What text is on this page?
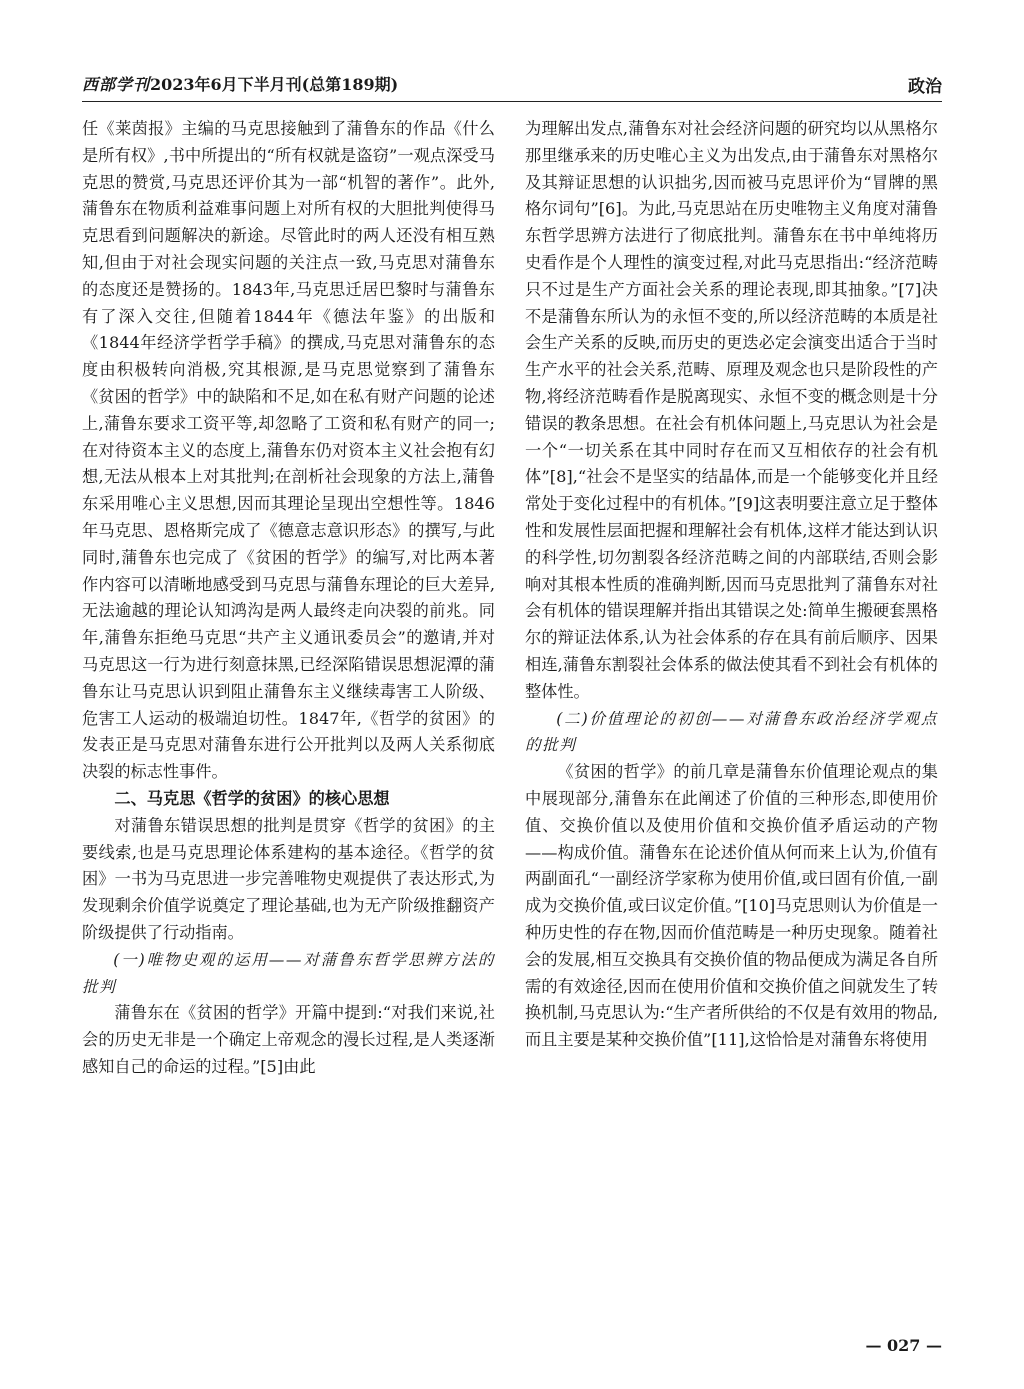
西部学刊2023年6月下半月刊(总第189期)	政治

任《莱茵报》主编的马克思接触到了蒲鲁东的作品《什么是所有权》,书中所提出的“所有权就是盗窃”一观点深受马克思的赞赏,马克思还评价其为一部“机智的著作”。此外,蒲鲁东在物质利益难事问题上对所有权的大胆批判使得马克思看到问题解决的新途。尽管此时的两人还没有相互熟知,但由于对社会现实问题的关注点一致,马克思对蒲鲁东的态度还是赞扬的。1843年,马克思迁居巴黎时与蒲鲁东有了深入交往,但随着1844年《德法年鉴》的出版和《1844年经济学哲学手稿》的撰成,马克思对蒲鲁东的态度由积极转向消极,究其根源,是马克思觉察到了蒲鲁东《贫困的哲学》中的缺陷和不足,如在私有财产问题的论述上,蒲鲁东要求工资平等,却忽略了工资和私有财产的同一;在对待资本主义的态度上,蒲鲁东仍对资本主义社会抱有幻想,无法从根本上对其批判;在剖析社会现象的方法上,蒲鲁东采用唯心主义思想,因而其理论呈现出空想性等。1846年马克思、恩格斯完成了《德意志意识形态》的撰写,与此同时,蒲鲁东也完成了《贫困的哲学》的编写,对比两本著作内容可以清晰地感受到马克思与蒲鲁东理论的巨大差异,无法逾越的理论认知鸿沟是两人最终走向决裂的前兆。同年,蒲鲁东拒绝马克思“共产主义通讯委员会”的邀请,并对马克思这一行为进行刻意抹黑,已经深陷错误思想泥潭的蒲鲁东让马克思认识到阻止蒲鲁东主义继续毒害工人阶级、危害工人运动的极端迫切性。1847年,《哲学的贫困》的发表正是马克思对蒲鲁东进行公开批判以及两人关系彻底决裂的标志性事件。

二、马克思《哲学的贫困》的核心思想

对蒲鲁东错误思想的批判是贯穿《哲学的贫困》的主要线索,也是马克思理论体系建构的基本途径。《哲学的贫困》一书为马克思进一步完善唯物史观提供了表达形式,为发现剩余价值学说奠定了理论基础,也为无产阶级推翻资产阶级提供了行动指南。

(一)唯物史观的运用——对蒲鲁东哲学思辨方法的批判

蒲鲁东在《贫困的哲学》开篇中提到:“对我们来说,社会的历史无非是一个确定上帝观念的漫长过程,是人类逐渐感知自己的命运的过程。”[5]由此

为理解出发点,蒲鲁东对社会经济问题的研究均以从黑格尔那里继承来的历史唯心主义为出发点,由于蒲鲁东对黑格尔及其辩证思想的认识拙劣,因而被马克思评价为“冒牌的黑格尔词句”[6]。为此,马克思站在历史唯物主义角度对蒲鲁东哲学思辨方法进行了彻底批判。蒲鲁东在书中单纯将历史看作是个人理性的演变过程,对此马克思指出:“经济范畴只不过是生产方面社会关系的理论表现,即其抽象。”[7]决不是蒲鲁东所认为的永恒不变的,所以经济范畴的本质是社会生产关系的反映,而历史的更迭必定会演变出适合于当时生产水平的社会关系,范畴、原理及观念也只是阶段性的产物,将经济范畴看作是脱离现实、永恒不变的概念则是十分错误的教条思想。在社会有机体问题上,马克思认为社会是一个“一切关系在其中同时存在而又互相依存的社会有机体”[8],“社会不是坚实的结晶体,而是一个能够变化并且经常处于变化过程中的有机体。”[9]这表明要注意立足于整体性和发展性层面把握和理解社会有机体,这样才能达到认识的科学性,切勿割裂各经济范畴之间的内部联结,否则会影响对其根本性质的准确判断,因而马克思批判了蒲鲁东对社会有机体的错误理解并指出其错误之处:简单生搬硬套黑格尔的辩证法体系,认为社会体系的存在具有前后顺序、因果相连,蒲鲁东割裂社会体系的做法使其看不到社会有机体的整体性。

(二)价值理论的初创——对蒲鲁东政治经济学观点的批判

《贫困的哲学》的前几章是蒲鲁东价值理论观点的集中展现部分,蒲鲁东在此阐述了价值的三种形态,即使用价值、交换价值以及使用价值和交换价值矛盾运动的产物——构成价值。蒲鲁东在论述价值从何而来上认为,价值有两副面孔“一副经济学家称为使用价值,或曰固有价值,一副成为交换价值,或曰议定价值。”[10]马克思则认为价值是一种历史性的存在物,因而价值范畴是一种历史现象。随着社会的发展,相互交换具有交换价值的物品便成为满足各自所需的有效途径,因而在使用价值和交换价值之间就发生了转换机制,马克思认为:“生产者所供给的不仅是有效用的物品,而且主要是某种交换价值”[11],这恰恰是对蒲鲁东将使用

— 027 —
